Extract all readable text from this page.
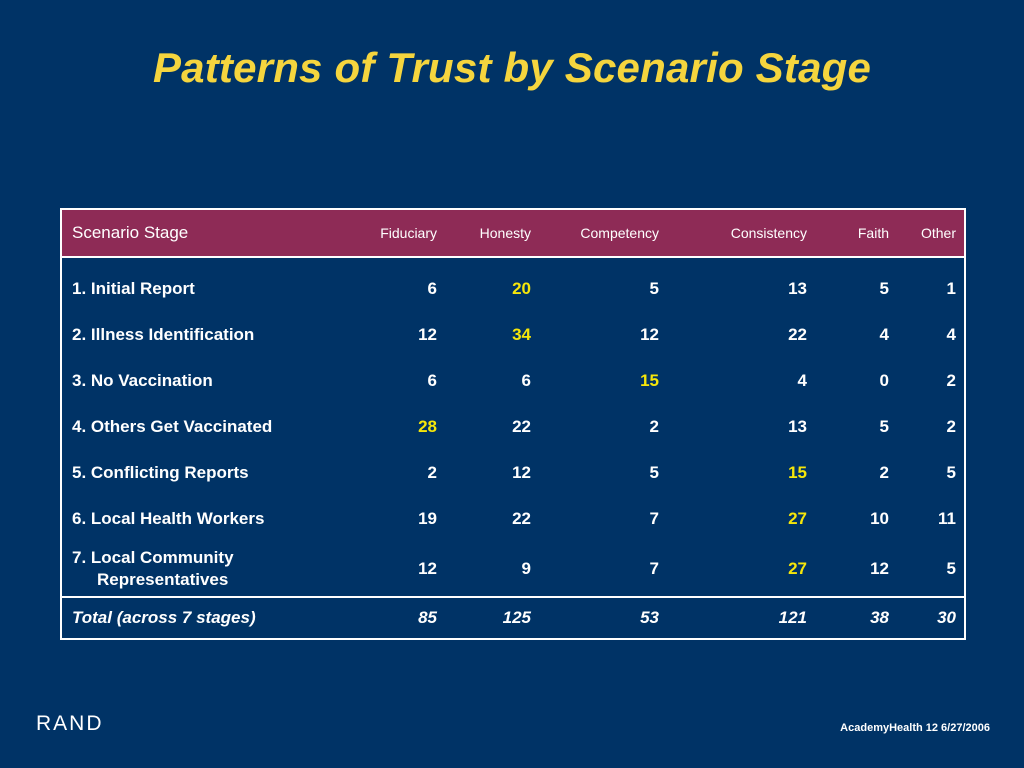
Patterns of Trust by Scenario Stage
Scenario Stage	Fiduciary	Honesty	Competency	Consistency	Faith	Other
1. Initial Report	6	20	5	13	5	1
2. Illness Identification	12	34	12	22	4	4
3. No Vaccination	6	6	15	4	0	2
4. Others Get Vaccinated	28	22	2	13	5	2
5. Conflicting Reports	2	12	5	15	2	5
6. Local Health Workers	19	22	7	27	10	11
7. Local Community
Representatives	12	9	7	27	12	5
Total (across 7 stages)	85	125	53	121	38	30
RAND	AcademyHealth 12 6/27/2006
